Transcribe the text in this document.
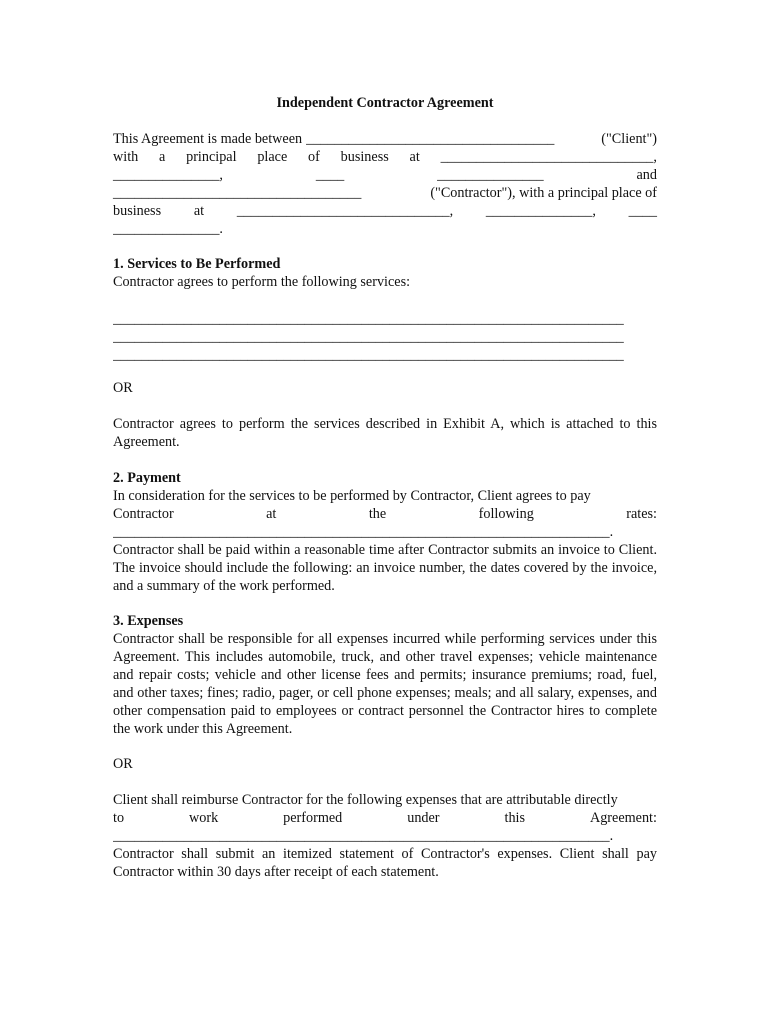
Independent Contractor Agreement

This Agreement is made between ___________________________________	("Client")
with a principal place of business at ______________________________,
_______________,	____	_______________	and
___________________________________	("Contractor"), with a principal place of
business at ______________________________, _______________, ____
_______________.

1. Services to Be Performed

Contractor agrees to perform the following services:

________________________________________________________________________
________________________________________________________________________
________________________________________________________________________

OR

Contractor agrees to perform the services described in Exhibit A, which is attached to this Agreement.

2. Payment

In consideration for the services to be performed by Contractor, Client agrees to pay

Contractor	at	the	following	rates:
______________________________________________________________________.

Contractor shall be paid within a reasonable time after Contractor submits an invoice to Client. The invoice should include the following: an invoice number, the dates covered by the invoice, and a summary of the work performed.

3. Expenses

Contractor shall be responsible for all expenses incurred while performing services under this Agreement. This includes automobile, truck, and other travel expenses; vehicle maintenance and repair costs; vehicle and other license fees and permits; insurance premiums; road, fuel, and other taxes; fines; radio, pager, or cell phone expenses; meals; and all salary, expenses, and other compensation paid to employees or contract personnel the Contractor hires to complete the work under this Agreement.

OR

Client shall reimburse Contractor for the following expenses that are attributable directly

to	work	performed	under	this	Agreement:
______________________________________________________________________.

Contractor shall submit an itemized statement of Contractor's expenses. Client shall pay Contractor within 30 days after receipt of each statement.
